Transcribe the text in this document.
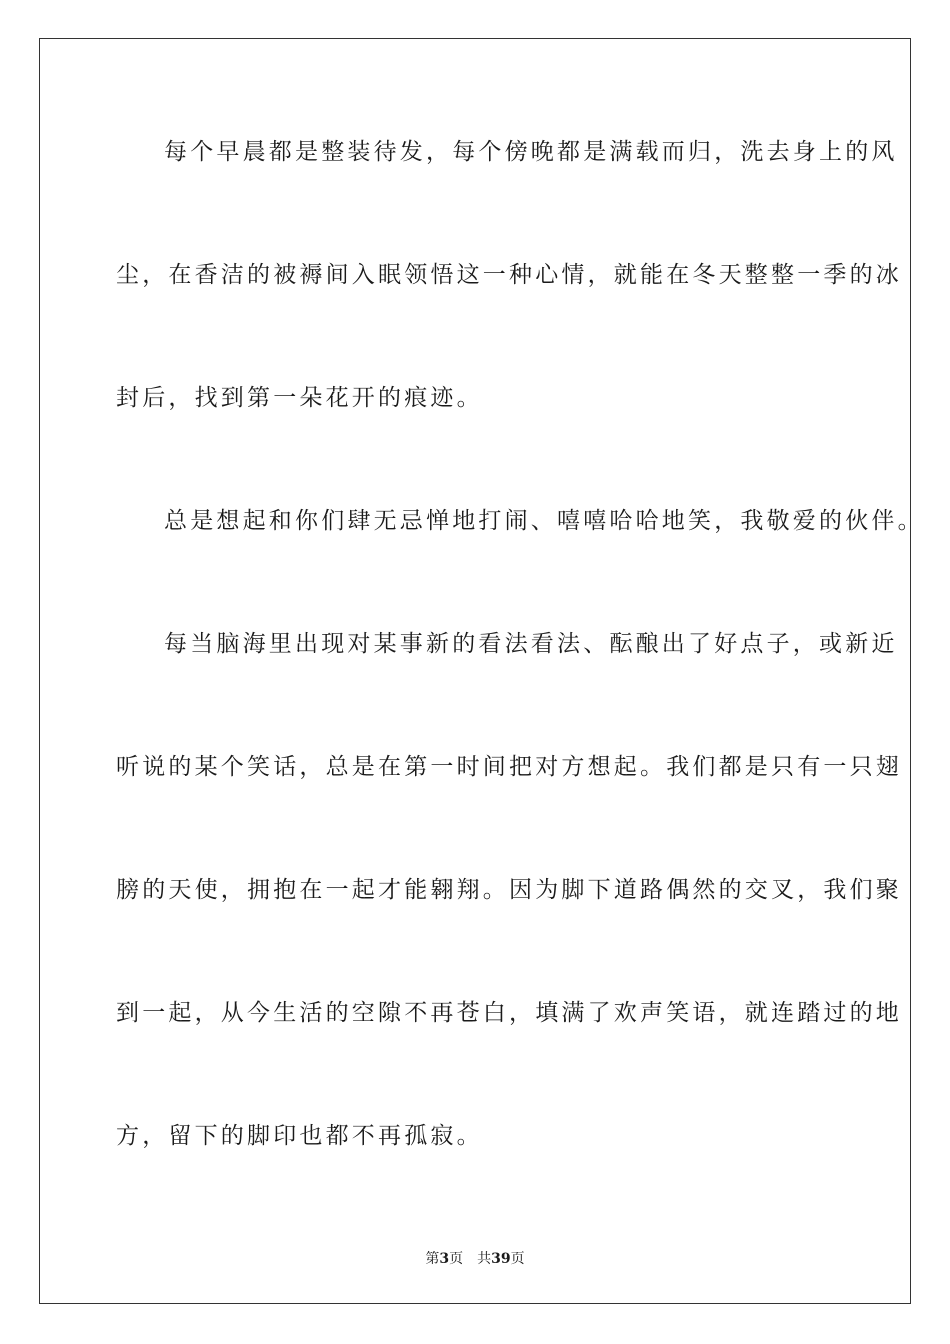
每个早晨都是整装待发，每个傍晚都是满载而归，洗去身上的风
尘，在香洁的被褥间入眠领悟这一种心情，就能在冬天整整一季的冰
封后，找到第一朵花开的痕迹。
总是想起和你们肆无忌惮地打闹、嘻嘻哈哈地笑，我敬爱的伙伴。
每当脑海里出现对某事新的看法看法、酝酿出了好点子，或新近
听说的某个笑话，总是在第一时间把对方想起。我们都是只有一只翅
膀的天使，拥抱在一起才能翱翔。因为脚下道路偶然的交叉，我们聚
到一起，从今生活的空隙不再苍白，填满了欢声笑语，就连踏过的地
方，留下的脚印也都不再孤寂。
第3页 共39页
